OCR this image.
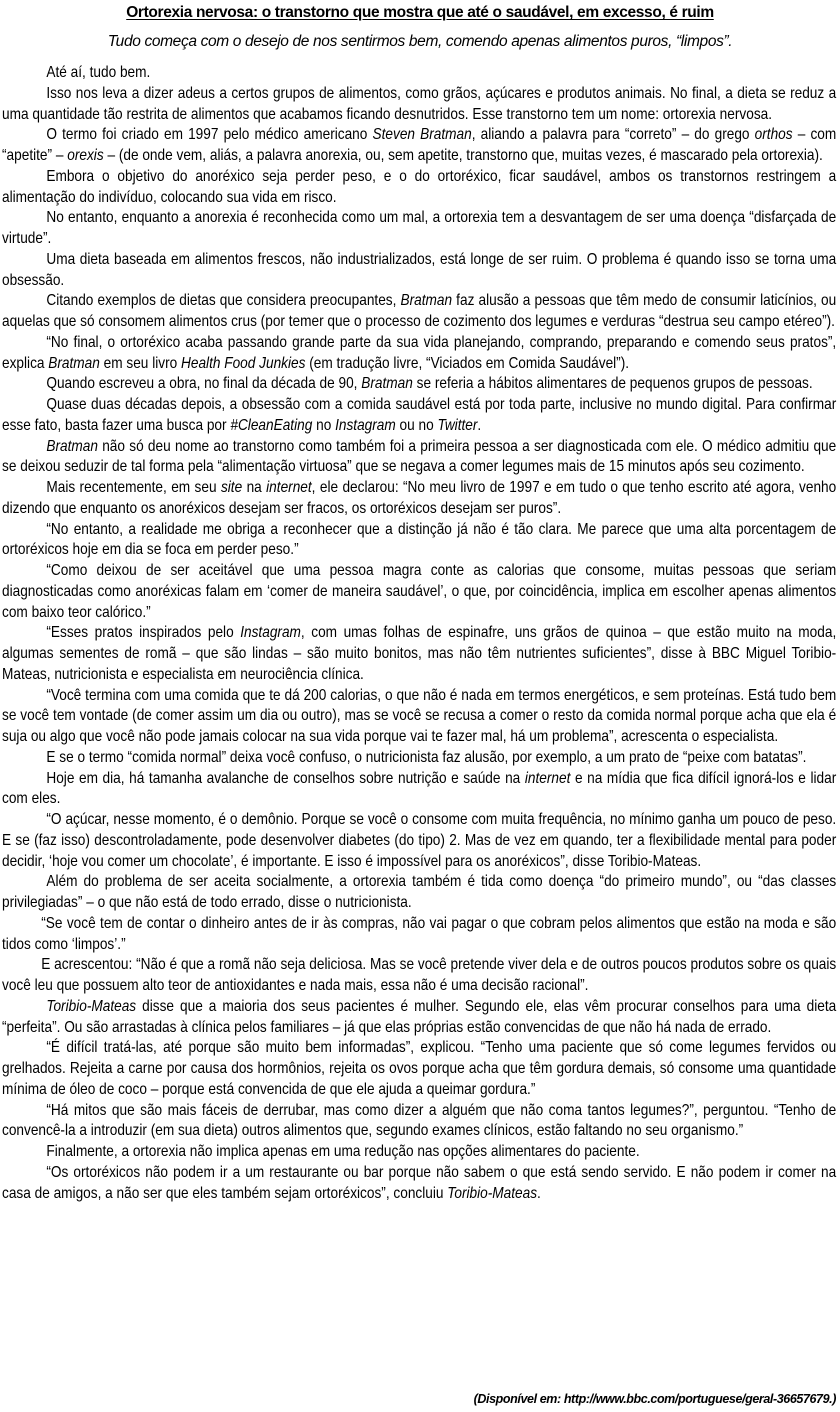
Ortorexia nervosa: o transtorno que mostra que até o saudável, em excesso, é ruim
Tudo começa com o desejo de nos sentirmos bem, comendo apenas alimentos puros, “limpos”.

Até aí, tudo bem.

Isso nos leva a dizer adeus a certos grupos de alimentos, como grãos, açúcares e produtos animais. No final, a dieta se reduz a uma quantidade tão restrita de alimentos que acabamos ficando desnutridos. Esse transtorno tem um nome: ortorexia nervosa.

O termo foi criado em 1997 pelo médico americano Steven Bratman, aliando a palavra para “correto” – do grego orthos – com “apetite” – orexis – (de onde vem, aliás, a palavra anorexia, ou, sem apetite, transtorno que, muitas vezes, é mascarado pela ortorexia).

Embora o objetivo do anoréxico seja perder peso, e o do ortoréxico, ficar saudável, ambos os transtornos restringem a alimentação do indivíduo, colocando sua vida em risco.

No entanto, enquanto a anorexia é reconhecida como um mal, a ortorexia tem a desvantagem de ser uma doença “disfarçada de virtude”.

Uma dieta baseada em alimentos frescos, não industrializados, está longe de ser ruim. O problema é quando isso se torna uma obsessão.

Citando exemplos de dietas que considera preocupantes, Bratman faz alusão a pessoas que têm medo de consumir laticínios, ou aquelas que só consomem alimentos crus (por temer que o processo de cozimento dos legumes e verduras “destrua seu campo etéreo”).

“No final, o ortoréxico acaba passando grande parte da sua vida planejando, comprando, preparando e comendo seus pratos”, explica Bratman em seu livro Health Food Junkies (em tradução livre, “Viciados em Comida Saudável”).

Quando escreveu a obra, no final da década de 90, Bratman se referia a hábitos alimentares de pequenos grupos de pessoas.

Quase duas décadas depois, a obsessão com a comida saudável está por toda parte, inclusive no mundo digital. Para confirmar esse fato, basta fazer uma busca por #CleanEating no Instagram ou no Twitter.

Bratman não só deu nome ao transtorno como também foi a primeira pessoa a ser diagnosticada com ele. O médico admitiu que se deixou seduzir de tal forma pela “alimentação virtuosa” que se negava a comer legumes mais de 15 minutos após seu cozimento.

Mais recentemente, em seu site na internet, ele declarou: “No meu livro de 1997 e em tudo o que tenho escrito até agora, venho dizendo que enquanto os anoréxicos desejam ser fracos, os ortoréxicos desejam ser puros”.

“No entanto, a realidade me obriga a reconhecer que a distinção já não é tão clara. Me parece que uma alta porcentagem de ortoréxicos hoje em dia se foca em perder peso.”

“Como deixou de ser aceitável que uma pessoa magra conte as calorias que consome, muitas pessoas que seriam diagnosticadas como anoréxicas falam em ‘comer de maneira saudável’, o que, por coincidência, implica em escolher apenas alimentos com baixo teor calórico.”

“Esses pratos inspirados pelo Instagram, com umas folhas de espinafre, uns grãos de quinoa – que estão muito na moda, algumas sementes de romã – que são lindas – são muito bonitos, mas não têm nutrientes suficientes”, disse à BBC Miguel Toribio-Mateas, nutricionista e especialista em neurociência clínica.

“Você termina com uma comida que te dá 200 calorias, o que não é nada em termos energéticos, e sem proteínas. Está tudo bem se você tem vontade (de comer assim um dia ou outro), mas se você se recusa a comer o resto da comida normal porque acha que ela é suja ou algo que você não pode jamais colocar na sua vida porque vai te fazer mal, há um problema”, acrescenta o especialista.

E se o termo “comida normal” deixa você confuso, o nutricionista faz alusão, por exemplo, a um prato de “peixe com batatas”.

Hoje em dia, há tamanha avalanche de conselhos sobre nutrição e saúde na internet e na mídia que fica difícil ignorá-los e lidar com eles.

“O açúcar, nesse momento, é o demônio. Porque se você o consome com muita frequência, no mínimo ganha um pouco de peso. E se (faz isso) descontroladamente, pode desenvolver diabetes (do tipo) 2. Mas de vez em quando, ter a flexibilidade mental para poder decidir, ‘hoje vou comer um chocolate’, é importante. E isso é impossível para os anoréxicos”, disse Toribio-Mateas.

Além do problema de ser aceita socialmente, a ortorexia também é tida como doença “do primeiro mundo”, ou “das classes privilegiadas” – o que não está de todo errado, disse o nutricionista.

“Se você tem de contar o dinheiro antes de ir às compras, não vai pagar o que cobram pelos alimentos que estão na moda e são tidos como ‘limpos’.”

E acrescentou: “Não é que a romã não seja deliciosa. Mas se você pretende viver dela e de outros poucos produtos sobre os quais você leu que possuem alto teor de antioxidantes e nada mais, essa não é uma decisão racional”.

Toribio-Mateas disse que a maioria dos seus pacientes é mulher. Segundo ele, elas vêm procurar conselhos para uma dieta “perfeita”. Ou são arrastadas à clínica pelos familiares – já que elas próprias estão convencidas de que não há nada de errado.

“É difícil tratá-las, até porque são muito bem informadas”, explicou. “Tenho uma paciente que só come legumes fervidos ou grelhados. Rejeita a carne por causa dos hormônios, rejeita os ovos porque acha que têm gordura demais, só consome uma quantidade mínima de óleo de coco – porque está convencida de que ele ajuda a queimar gordura.”

“Há mitos que são mais fáceis de derrubar, mas como dizer a alguém que não coma tantos legumes?”, perguntou. “Tenho de convencê-la a introduzir (em sua dieta) outros alimentos que, segundo exames clínicos, estão faltando no seu organismo.”

Finalmente, a ortorexia não implica apenas em uma redução nas opções alimentares do paciente.

“Os ortoréxicos não podem ir a um restaurante ou bar porque não sabem o que está sendo servido. E não podem ir comer na casa de amigos, a não ser que eles também sejam ortoréxicos”, concluiu Toribio-Mateas.

(Disponível em: http://www.bbc.com/portuguese/geral-36657679.)
